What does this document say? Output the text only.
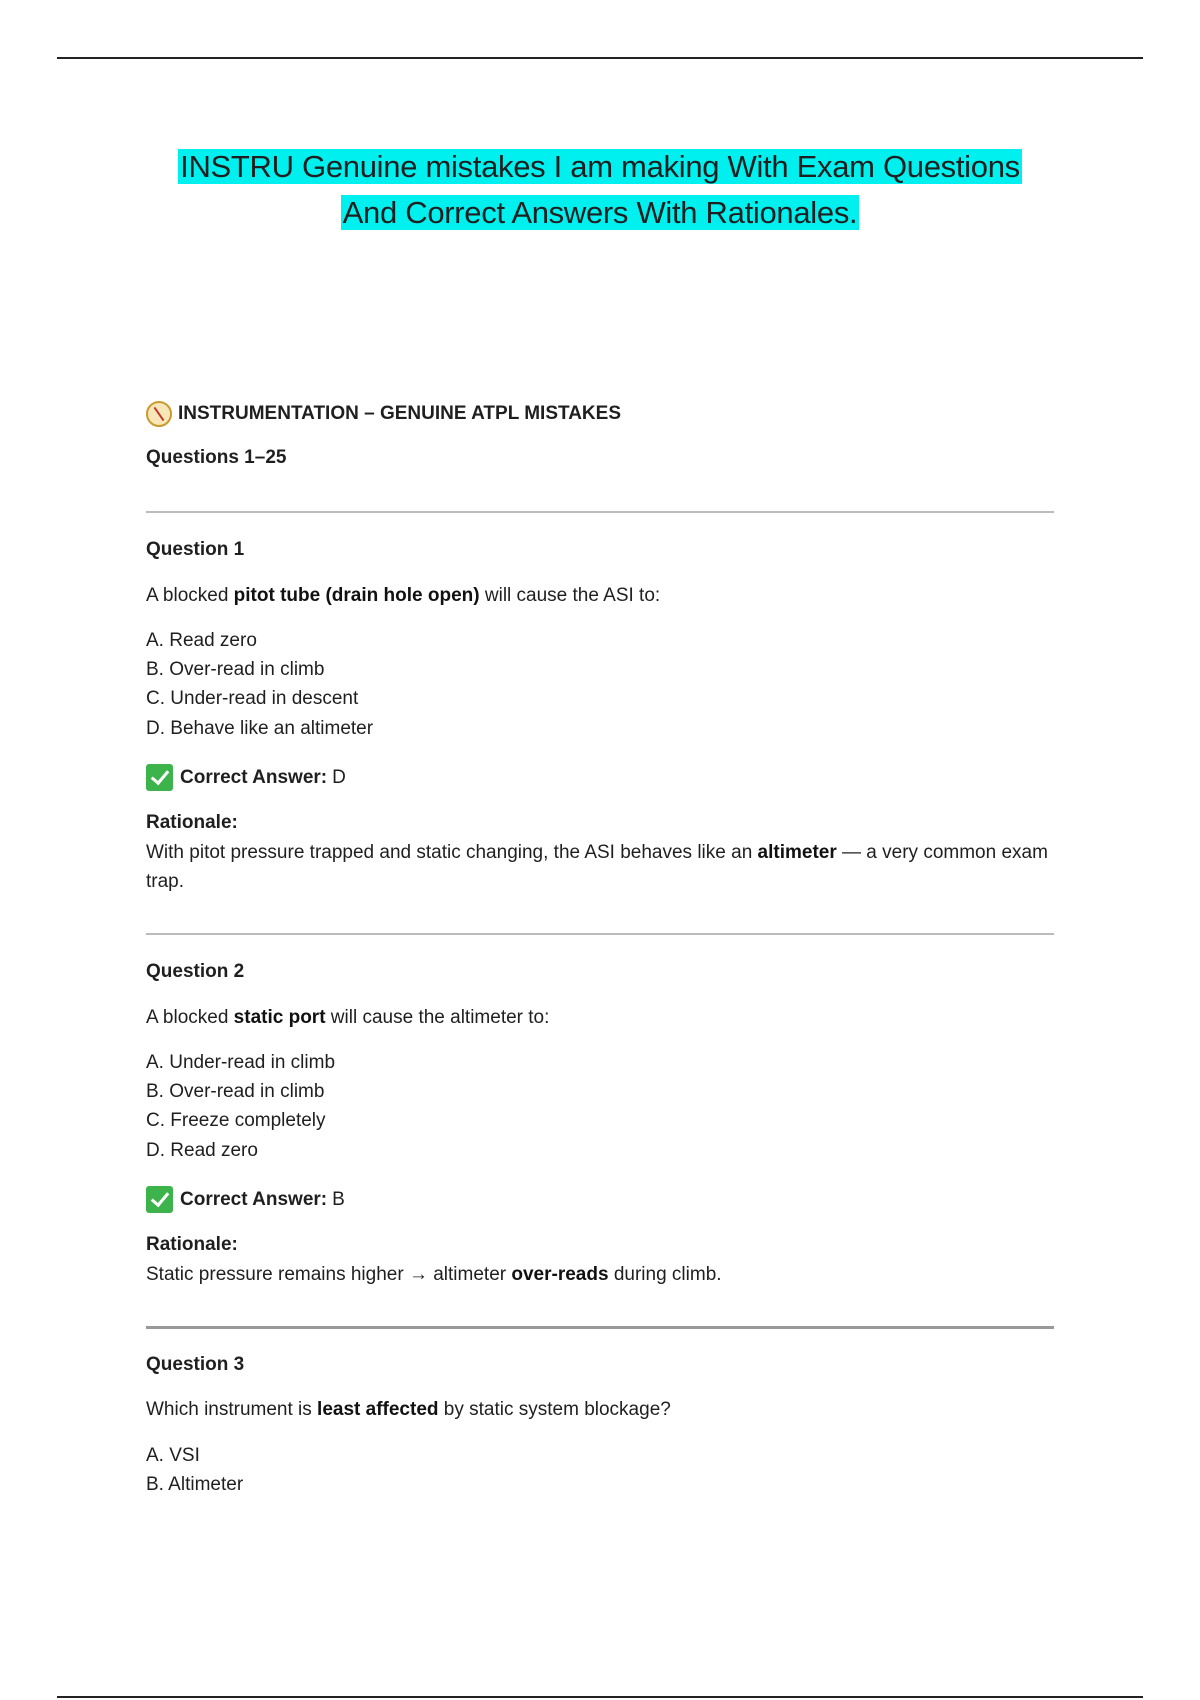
INSTRU Genuine mistakes I am making With Exam Questions
And Correct Answers With Rationales.
INSTRUMENTATION – GENUINE ATPL MISTAKES
Questions 1–25
Question 1
A blocked pitot tube (drain hole open) will cause the ASI to:
A. Read zero
B. Over-read in climb
C. Under-read in descent
D. Behave like an altimeter
Correct Answer: D
Rationale:
With pitot pressure trapped and static changing, the ASI behaves like an altimeter — a very common exam trap.
Question 2
A blocked static port will cause the altimeter to:
A. Under-read in climb
B. Over-read in climb
C. Freeze completely
D. Read zero
Correct Answer: B
Rationale:
Static pressure remains higher → altimeter over-reads during climb.
Question 3
Which instrument is least affected by static system blockage?
A. VSI
B. Altimeter
